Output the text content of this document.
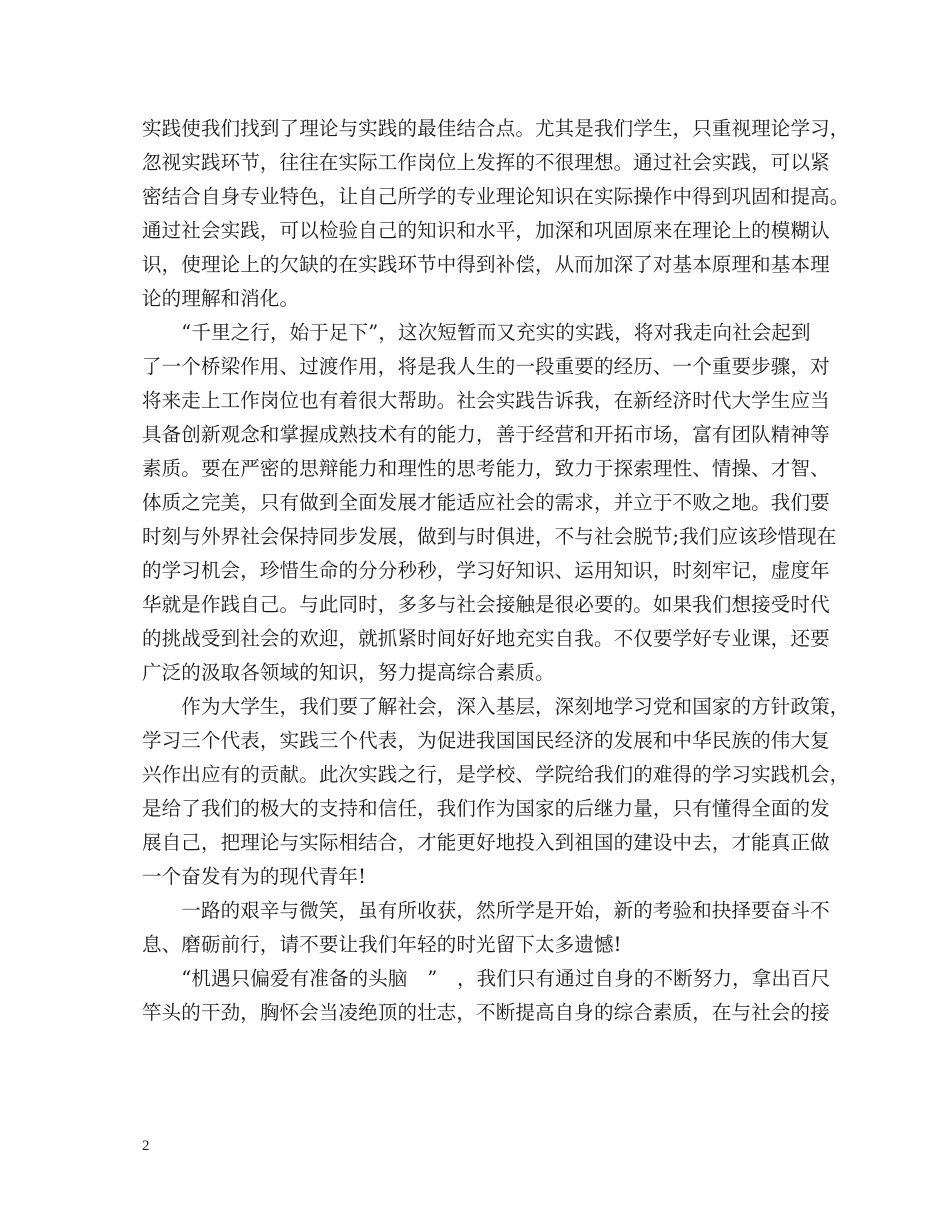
实践使我们找到了理论与实践的最佳结合点。尤其是我们学生，只重视理论学习，
忽视实践环节，往往在实际工作岗位上发挥的不很理想。通过社会实践，可以紧
密结合自身专业特色，让自己所学的专业理论知识在实际操作中得到巩固和提高。
通过社会实践，可以检验自己的知识和水平，加深和巩固原来在理论上的模糊认
识，使理论上的欠缺的在实践环节中得到补偿，从而加深了对基本原理和基本理
论的理解和消化。
　　“千里之行，始于足下”，这次短暂而又充实的实践，将对我走向社会起到
了一个桥梁作用、过渡作用，将是我人生的一段重要的经历、一个重要步骤，对
将来走上工作岗位也有着很大帮助。社会实践告诉我，在新经济时代大学生应当
具备创新观念和掌握成熟技术有的能力，善于经营和开拓市场，富有团队精神等
素质。要在严密的思辩能力和理性的思考能力，致力于探索理性、情操、才智、
体质之完美，只有做到全面发展才能适应社会的需求，并立于不败之地。我们要
时刻与外界社会保持同步发展，做到与时俱进，不与社会脱节;我们应该珍惜现在
的学习机会，珍惜生命的分分秒秒，学习好知识、运用知识，时刻牢记，虚度年
华就是作践自己。与此同时，多多与社会接触是很必要的。如果我们想接受时代
的挑战受到社会的欢迎，就抓紧时间好好地充实自我。不仅要学好专业课，还要
广泛的汲取各领域的知识，努力提高综合素质。
　　作为大学生，我们要了解社会，深入基层，深刻地学习党和国家的方针政策，
学习三个代表，实践三个代表，为促进我国国民经济的发展和中华民族的伟大复
兴作出应有的贡献。此次实践之行，是学校、学院给我们的难得的学习实践机会，
是给了我们的极大的支持和信任，我们作为国家的后继力量，只有懂得全面的发
展自己，把理论与实际相结合，才能更好地投入到祖国的建设中去，才能真正做
一个奋发有为的现代青年!
　　一路的艰辛与微笑，虽有所收获，然所学是开始，新的考验和抉择要奋斗不
息、磨砺前行，请不要让我们年轻的时光留下太多遗憾!
　　“机遇只偏爱有准备的头脑　”　，我们只有通过自身的不断努力，拿出百尺
竿头的干劲，胸怀会当凌绝顶的壮志，不断提高自身的综合素质，在与社会的接
2
